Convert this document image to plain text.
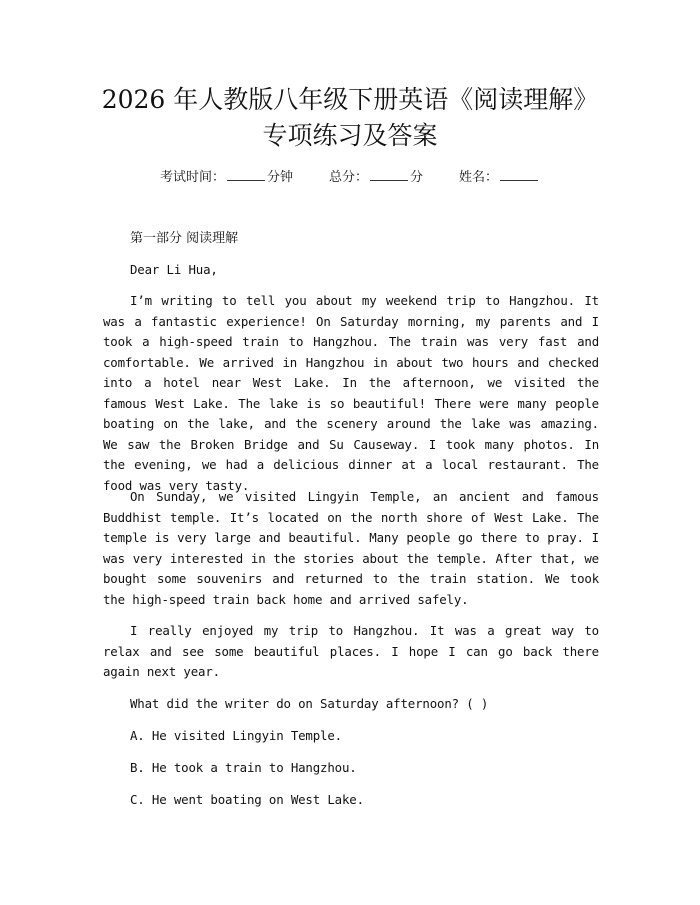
2026 年人教版八年级下册英语《阅读理解》
专项练习及答案
考试时间：	分钟	总分：	分	姓名：
第一部分 阅读理解
Dear Li Hua,

I’m writing to tell you about my weekend trip to Hangzhou. It was a fantastic experience! On Saturday morning, my parents and I took a high-speed train to Hangzhou. The train was very fast and comfortable. We arrived in Hangzhou in about two hours and checked into a hotel near West Lake. In the afternoon, we visited the famous West Lake. The lake is so beautiful! There were many people boating on the lake, and the scenery around the lake was amazing. We saw the Broken Bridge and Su Causeway. I took many photos. In the evening, we had a delicious dinner at a local restaurant. The food was very tasty.

On Sunday, we visited Lingyin Temple, an ancient and famous Buddhist temple. It’s located on the north shore of West Lake. The temple is very large and beautiful. Many people go there to pray. I was very interested in the stories about the temple. After that, we bought some souvenirs and returned to the train station. We took the high-speed train back home and arrived safely.

I really enjoyed my trip to Hangzhou. It was a great way to relax and see some beautiful places. I hope I can go back there again next year.

What did the writer do on Saturday afternoon? ( )
A. He visited Lingyin Temple.
B. He took a train to Hangzhou.
C. He went boating on West Lake.
